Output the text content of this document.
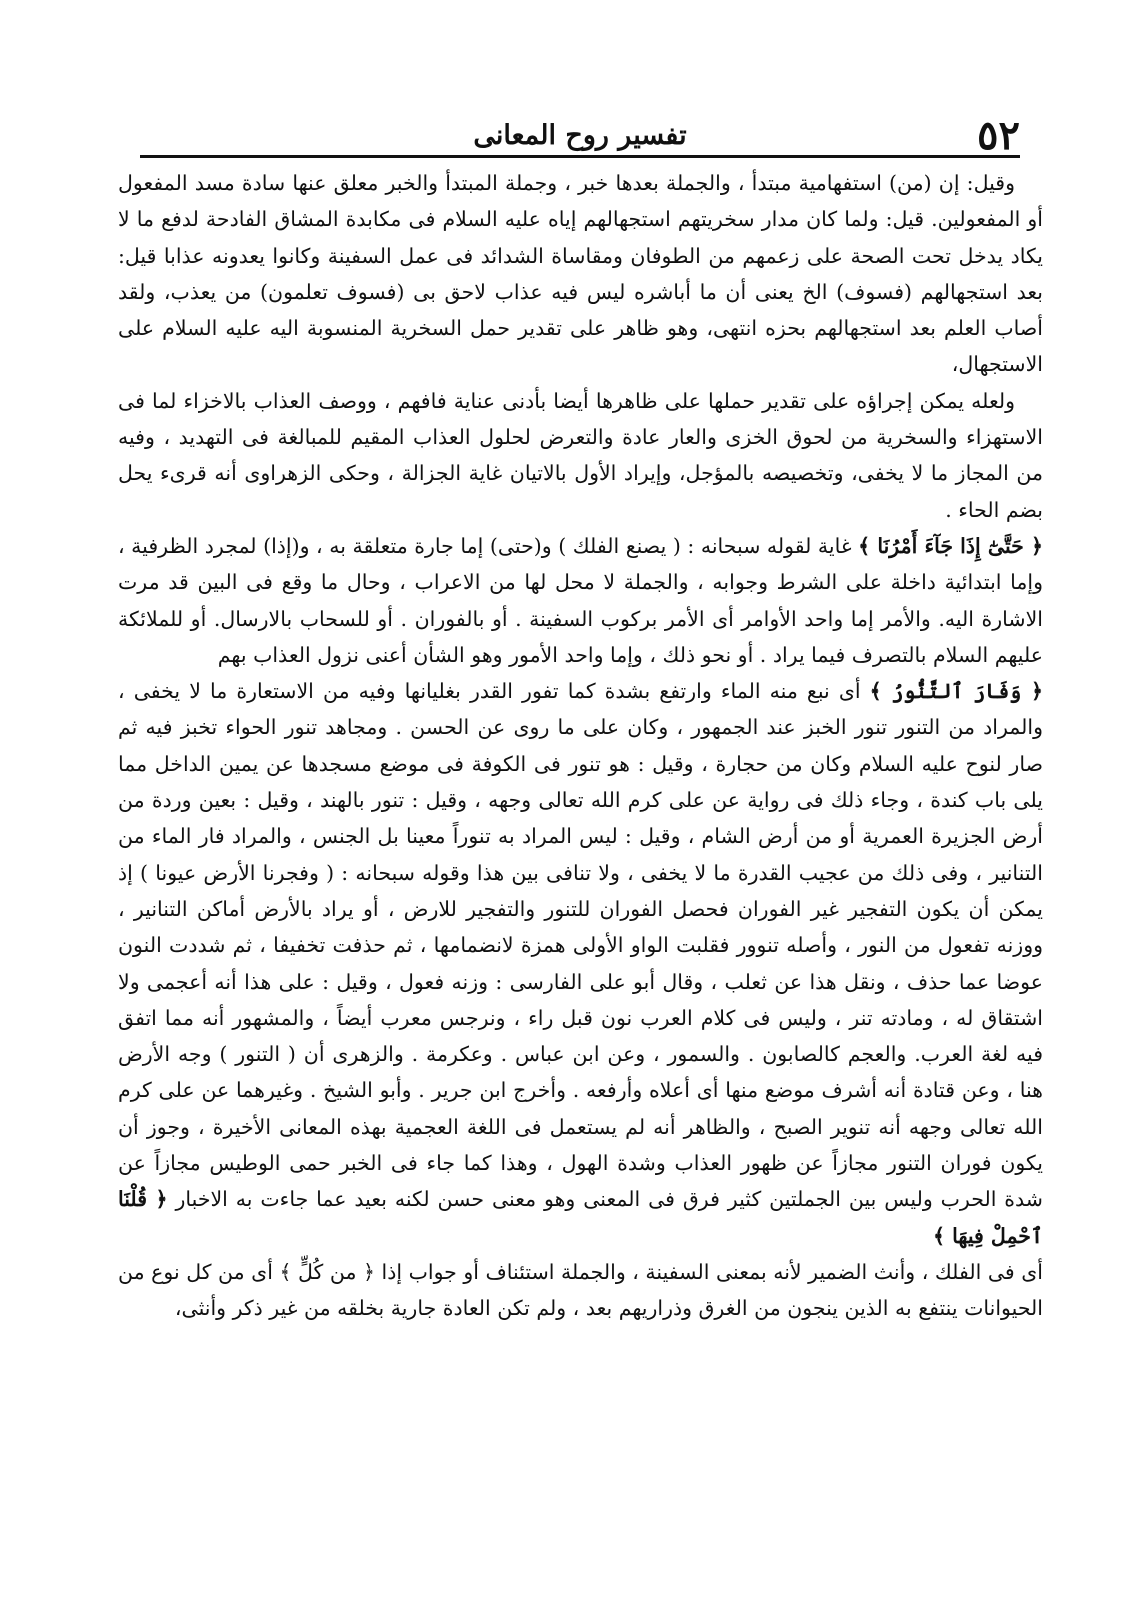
٥٢
تفسير روح المعانى

وقيل: إن (من) استفهامية مبتدأ ، والجملة بعدها خبر ، وجملة المبتدأ والخبر معلق عنها سادة مسد المفعول أو المفعولين. قيل: ولما كان مدار سخريتهم استجهالهم إياه عليه السلام فى مكابدة المشاق الفادحة لدفع ما لا يكاد يدخل تحت الصحة على زعمهم من الطوفان ومقاساة الشدائد فى عمل السفينة وكانوا يعدونه عذابا قيل: بعد استجهالهم (فسوف) الخ يعنى أن ما أباشره ليس فيه عذاب لاحق بى (فسوف تعلمون) من يعذب، ولقد أصاب العلم بعد استجهالهم بحزه انتهى، وهو ظاهر على تقدير حمل السخرية المنسوبة اليه عليه السلام على الاستجهال،

ولعله يمكن إجراؤه على تقدير حملها على ظاهرها أيضا بأدنى عناية فافهم ، ووصف العذاب بالاخزاء لما فى الاستهزاء والسخرية من لحوق الخزى والعار عادة والتعرض لحلول العذاب المقيم للمبالغة فى التهديد ، وفيه من المجاز ما لا يخفى، وتخصيصه بالمؤجل، وإيراد الأول بالاتيان غاية الجزالة ، وحكى الزهراوى أنه قرىء يحل بضم الحاء .

﴿ حَتَّىٰٓ إِذَا جَآءَ أَمْرُنَا ﴾ غاية لقوله سبحانه : ( يصنع الفلك ) و(حتى) إما جارة متعلقة به ، و(إذا) لمجرد الظرفية ، وإما ابتدائية داخلة على الشرط وجوابه ، والجملة لا محل لها من الاعراب ، وحال ما وقع فى البين قد مرت الاشارة اليه. والأمر إما واحد الأوامر أى الأمر بركوب السفينة . أو بالفوران . أو للسحاب بالارسال. أو للملائكة عليهم السلام بالتصرف فيما يراد . أو نحو ذلك ، وإما واحد الأمور وهو الشأن أعنى نزول العذاب بهم

﴿ وَفَارَ ٱلتَّنُّورُ ﴾ أى نبع منه الماء وارتفع بشدة كما تفور القدر بغليانها وفيه من الاستعارة ما لا يخفى ، والمراد من التنور تنور الخبز عند الجمهور ، وكان على ما روى عن الحسن . ومجاهد تنور الحواء تخبز فيه ثم صار لنوح عليه السلام وكان من حجارة ، وقيل : هو تنور فى الكوفة فى موضع مسجدها عن يمين الداخل مما يلى باب كندة ، وجاء ذلك فى رواية عن على كرم الله تعالى وجهه ، وقيل : تنور بالهند ، وقيل : بعين وردة من أرض الجزيرة العمرية أو من أرض الشام ، وقيل : ليس المراد به تنوراً معينا بل الجنس ، والمراد فار الماء من التنانير ، وفى ذلك من عجيب القدرة ما لا يخفى ، ولا تنافى بين هذا وقوله سبحانه : ( وفجرنا الأرض عيونا ) إذ يمكن أن يكون التفجير غير الفوران فحصل الفوران للتنور والتفجير للارض ، أو يراد بالأرض أماكن التنانير ، ووزنه تفعول من النور ، وأصله تنوور فقلبت الواو الأولى همزة لانضمامها ، ثم حذفت تخفيفا ، ثم شددت النون عوضا عما حذف ، ونقل هذا عن ثعلب ، وقال أبو على الفارسى : وزنه فعول ، وقيل : على هذا أنه أعجمى ولا اشتقاق له ، ومادته تنر ، وليس فى كلام العرب نون قبل راء ، ونرجس معرب أيضاً ، والمشهور أنه مما اتفق فيه لغة العرب. والعجم كالصابون . والسمور ، وعن ابن عباس . وعكرمة . والزهرى أن ( التنور ) وجه الأرض هنا ، وعن قتادة أنه أشرف موضع منها أى أعلاه وأرفعه . وأخرج ابن جرير . وأبو الشيخ . وغيرهما عن على كرم الله تعالى وجهه أنه تنوير الصبح ، والظاهر أنه لم يستعمل فى اللغة العجمية بهذه المعانى الأخيرة ، وجوز أن يكون فوران التنور مجازاً عن ظهور العذاب وشدة الهول ، وهذا كما جاء فى الخبر حمى الوطيس مجازاً عن شدة الحرب وليس بين الجملتين كثير فرق فى المعنى وهو معنى حسن لكنه بعيد عما جاءت به الاخبار ﴿ قُلْنَا ٱحْمِلْ فِيهَا ﴾

أى فى الفلك ، وأنث الضمير لأنه بمعنى السفينة ، والجملة استئناف أو جواب إذا ﴿ من كُلٍّ ﴾ أى من كل نوع من الحيوانات ينتفع به الذين ينجون من الغرق وذراريهم بعد ، ولم تكن العادة جارية بخلقه من غير ذكر وأنثى،
